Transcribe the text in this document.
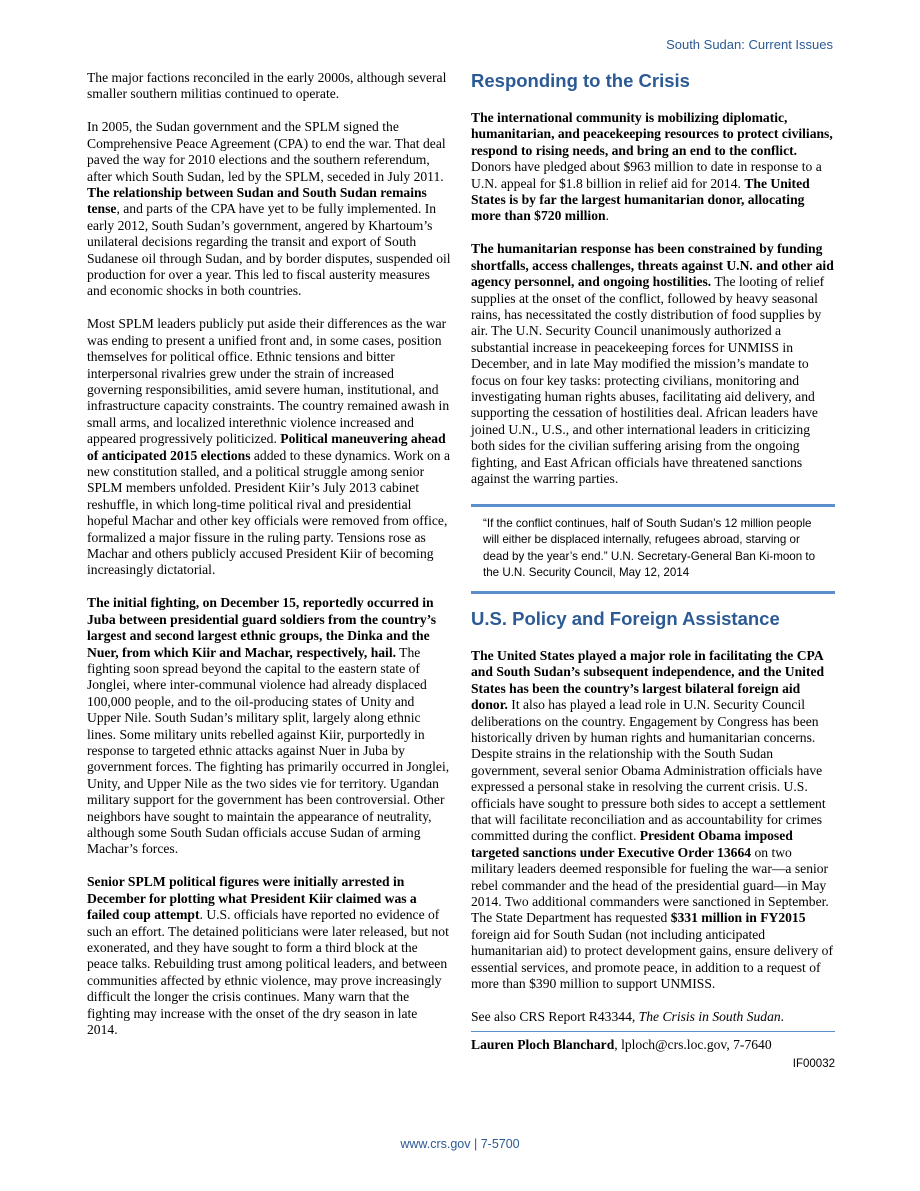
South Sudan: Current Issues

The major factions reconciled in the early 2000s, although several smaller southern militias continued to operate.

In 2005, the Sudan government and the SPLM signed the Comprehensive Peace Agreement (CPA) to end the war. That deal paved the way for 2010 elections and the southern referendum, after which South Sudan, led by the SPLM, seceded in July 2011. The relationship between Sudan and South Sudan remains tense, and parts of the CPA have yet to be fully implemented. In early 2012, South Sudan’s government, angered by Khartoum’s unilateral decisions regarding the transit and export of South Sudanese oil through Sudan, and by border disputes, suspended oil production for over a year. This led to fiscal austerity measures and economic shocks in both countries.

Most SPLM leaders publicly put aside their differences as the war was ending to present a unified front and, in some cases, position themselves for political office. Ethnic tensions and bitter interpersonal rivalries grew under the strain of increased governing responsibilities, amid severe human, institutional, and infrastructure capacity constraints. The country remained awash in small arms, and localized interethnic violence increased and appeared progressively politicized. Political maneuvering ahead of anticipated 2015 elections added to these dynamics. Work on a new constitution stalled, and a political struggle among senior SPLM members unfolded. President Kiir’s July 2013 cabinet reshuffle, in which long-time political rival and presidential hopeful Machar and other key officials were removed from office, formalized a major fissure in the ruling party. Tensions rose as Machar and others publicly accused President Kiir of becoming increasingly dictatorial.

The initial fighting, on December 15, reportedly occurred in Juba between presidential guard soldiers from the country’s largest and second largest ethnic groups, the Dinka and the Nuer, from which Kiir and Machar, respectively, hail. The fighting soon spread beyond the capital to the eastern state of Jonglei, where inter-communal violence had already displaced 100,000 people, and to the oil-producing states of Unity and Upper Nile. South Sudan’s military split, largely along ethnic lines. Some military units rebelled against Kiir, purportedly in response to targeted ethnic attacks against Nuer in Juba by government forces. The fighting has primarily occurred in Jonglei, Unity, and Upper Nile as the two sides vie for territory. Ugandan military support for the government has been controversial. Other neighbors have sought to maintain the appearance of neutrality, although some South Sudan officials accuse Sudan of arming Machar’s forces.

Senior SPLM political figures were initially arrested in December for plotting what President Kiir claimed was a failed coup attempt. U.S. officials have reported no evidence of such an effort. The detained politicians were later released, but not exonerated, and they have sought to form a third block at the peace talks. Rebuilding trust among political leaders, and between communities affected by ethnic violence, may prove increasingly difficult the longer the crisis continues. Many warn that the fighting may increase with the onset of the dry season in late 2014.

Responding to the Crisis

The international community is mobilizing diplomatic, humanitarian, and peacekeeping resources to protect civilians, respond to rising needs, and bring an end to the conflict. Donors have pledged about $963 million to date in response to a U.N. appeal for $1.8 billion in relief aid for 2014. The United States is by far the largest humanitarian donor, allocating more than $720 million.

The humanitarian response has been constrained by funding shortfalls, access challenges, threats against U.N. and other aid agency personnel, and ongoing hostilities. The looting of relief supplies at the onset of the conflict, followed by heavy seasonal rains, has necessitated the costly distribution of food supplies by air. The U.N. Security Council unanimously authorized a substantial increase in peacekeeping forces for UNMISS in December, and in late May modified the mission’s mandate to focus on four key tasks: protecting civilians, monitoring and investigating human rights abuses, facilitating aid delivery, and supporting the cessation of hostilities deal. African leaders have joined U.N., U.S., and other international leaders in criticizing both sides for the civilian suffering arising from the ongoing fighting, and East African officials have threatened sanctions against the warring parties.

“If the conflict continues, half of South Sudan’s 12 million people will either be displaced internally, refugees abroad, starving or dead by the year’s end.” U.N. Secretary-General Ban Ki-moon to the U.N. Security Council, May 12, 2014
U.S. Policy and Foreign Assistance

The United States played a major role in facilitating the CPA and South Sudan’s subsequent independence, and the United States has been the country’s largest bilateral foreign aid donor. It also has played a lead role in U.N. Security Council deliberations on the country. Engagement by Congress has been historically driven by human rights and humanitarian concerns. Despite strains in the relationship with the South Sudan government, several senior Obama Administration officials have expressed a personal stake in resolving the current crisis. U.S. officials have sought to pressure both sides to accept a settlement that will facilitate reconciliation and as accountability for crimes committed during the conflict. President Obama imposed targeted sanctions under Executive Order 13664 on two military leaders deemed responsible for fueling the war—a senior rebel commander and the head of the presidential guard—in May 2014. Two additional commanders were sanctioned in September. The State Department has requested $331 million in FY2015 foreign aid for South Sudan (not including anticipated humanitarian aid) to protect development gains, ensure delivery of essential services, and promote peace, in addition to a request of more than $390 million to support UNMISS.

See also CRS Report R43344, The Crisis in South Sudan.

Lauren Ploch Blanchard, lploch@crs.loc.gov, 7-7640
IF00032
www.crs.gov | 7-5700
